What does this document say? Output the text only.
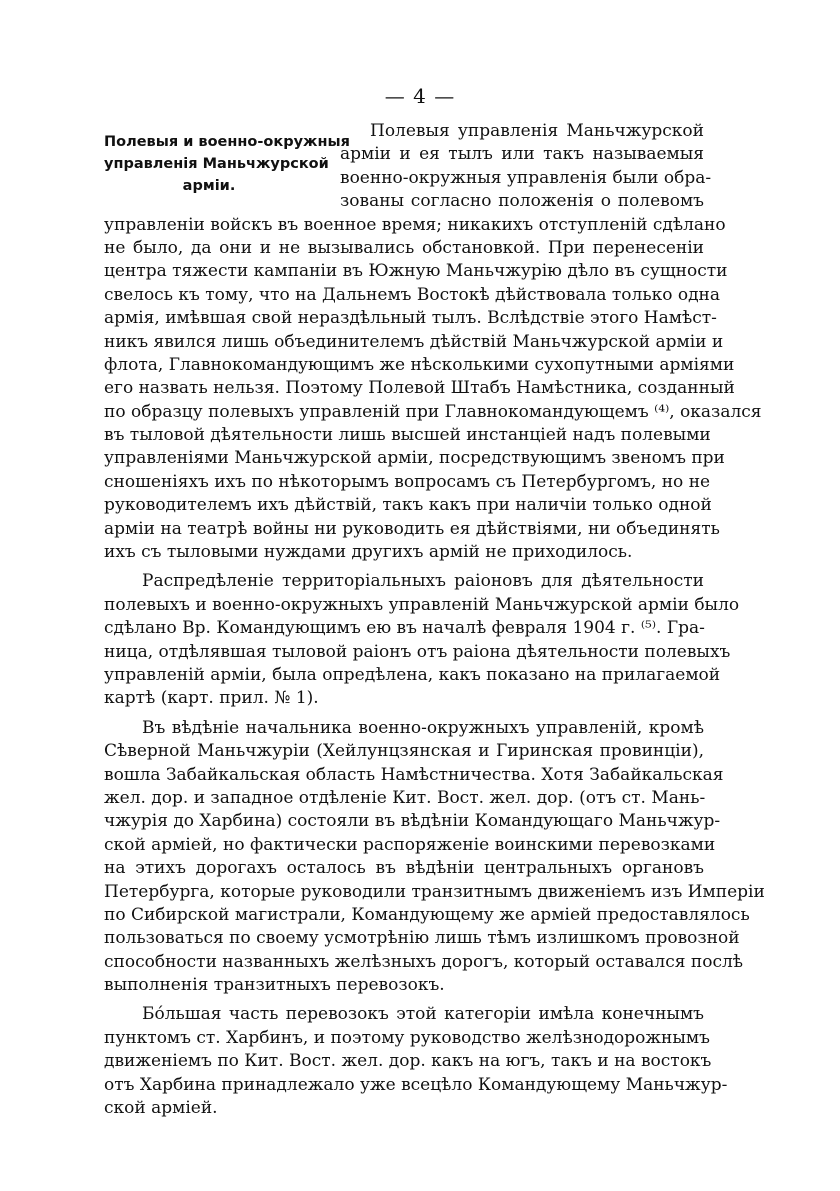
— 4 —
Полевыя и военно-окружныя
управленія Маньчжурской
арміи.
Полевыя управленія Маньчжурской
арміи и ея тылъ или такъ называемыя
военно-окружныя управленія были обра-
зованы согласно положенія о полевомъ
управленіи войскъ въ военное время; никакихъ отступленій сдѣлано
не было, да они и не вызывались обстановкой. При перенесеніи
центра тяжести кампаніи въ Южную Маньчжурію дѣло въ сущности
свелось къ тому, что на Дальнемъ Востокѣ дѣйствовала только одна
армія, имѣвшая свой нераздѣльный тылъ. Вслѣдствіе этого Намѣст-
никъ явился лишь объединителемъ дѣйствій Маньчжурской арміи и
флота, Главнокомандующимъ же нѣсколькими сухопутными арміями
его назвать нельзя. Поэтому Полевой Штабъ Намѣстника, созданный
по образцу полевыхъ управленій при Главнокомандующемъ ⁽⁴⁾, оказался
въ тыловой дѣятельности лишь высшей инстанціей надъ полевыми
управленіями Маньчжурской арміи, посредствующимъ звеномъ при
сношеніяхъ ихъ по нѣкоторымъ вопросамъ съ Петербургомъ, но не
руководителемъ ихъ дѣйствій, такъ какъ при наличіи только одной
арміи на театрѣ войны ни руководить ея дѣйствіями, ни объединять
ихъ съ тыловыми нуждами другихъ армій не приходилось.
Распредѣленіе территоріальныхъ раіоновъ для дѣятельности
полевыхъ и военно-окружныхъ управленій Маньчжурской арміи было
сдѣлано Вр. Командующимъ ею въ началѣ февраля 1904 г. ⁽⁵⁾. Гра-
ница, отдѣлявшая тыловой раіонъ отъ раіона дѣятельности полевыхъ
управленій арміи, была опредѣлена, какъ показано на прилагаемой
картѣ (карт. прил. № 1).
Въ вѣдѣніе начальника военно-окружныхъ управленій, кромѣ
Сѣверной Маньчжуріи (Хейлунцзянская и Гиринская провинціи),
вошла Забайкальская область Намѣстничества. Хотя Забайкальская
жел. дор. и западное отдѣленіе Кит. Вост. жел. дор. (отъ ст. Мань-
чжурія до Харбина) состояли въ вѣдѣніи Командующаго Маньчжур-
ской арміей, но фактически распоряженіе воинскими перевозками
на этихъ дорогахъ осталось въ вѣдѣніи центральныхъ органовъ
Петербурга, которые руководили транзитнымъ движеніемъ изъ Имперіи
по Сибирской магистрали, Командующему же арміей предоставлялось
пользоваться по своему усмотрѣнію лишь тѣмъ излишкомъ провозной
способности названныхъ желѣзныхъ дорогъ, который оставался послѣ
выполненія транзитныхъ перевозокъ.
Бо́льшая часть перевозокъ этой категоріи имѣла конечнымъ
пунктомъ ст. Харбинъ, и поэтому руководство желѣзнодорожнымъ
движеніемъ по Кит. Вост. жел. дор. какъ на югъ, такъ и на востокъ
отъ Харбина принадлежало уже всецѣло Командующему Маньчжур-
ской арміей.
